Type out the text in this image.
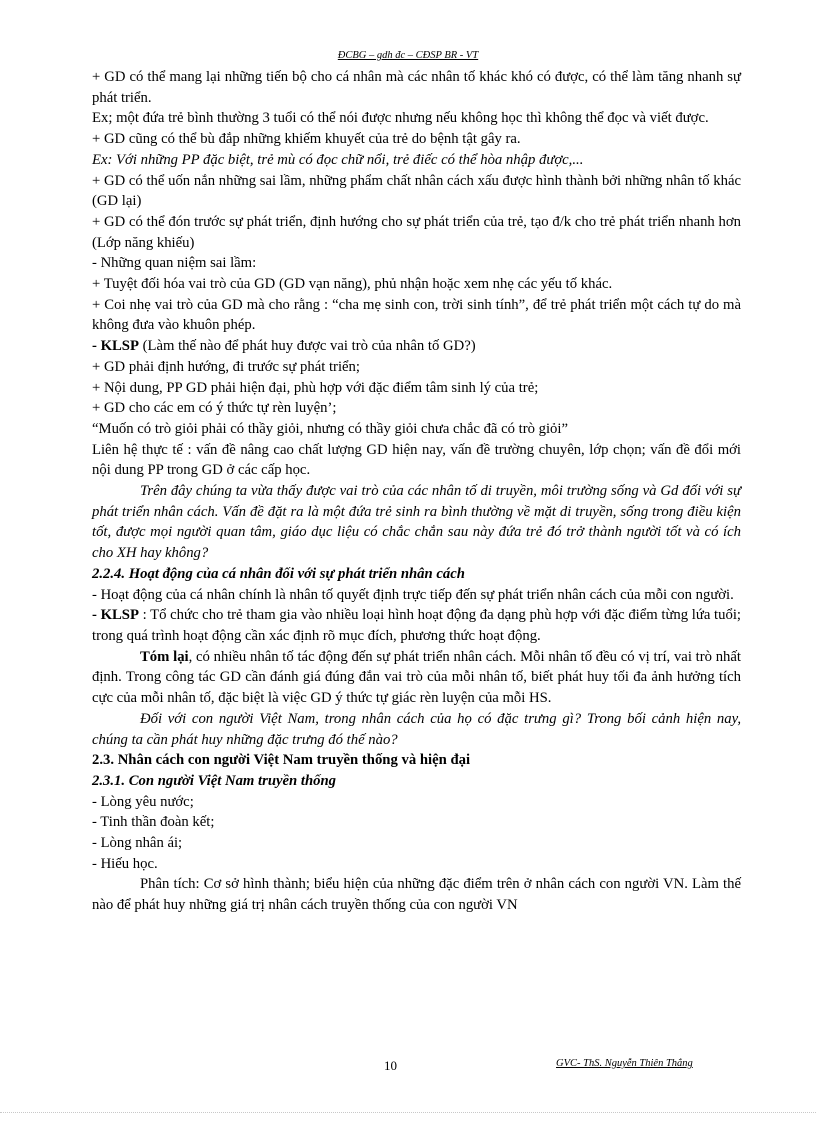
ĐCBG – gdh đc – CĐSP BR - VT

+ GD có thể mang lại những tiến bộ cho cá nhân mà các nhân tố khác khó có được, có thể làm tăng nhanh sự phát triển.

Ex; một đứa trẻ bình thường 3 tuổi có thể nói được nhưng nếu không học thì không thể đọc và viết được.

+ GD cũng có thể bù đắp những khiếm khuyết của trẻ do bệnh tật gây ra.

Ex: Với những PP đặc biệt, trẻ mù có đọc chữ nổi, trẻ điếc có thể hòa nhập được,...

+ GD có thể uốn nắn những sai lầm, những phẩm chất nhân cách xấu được hình thành bởi những nhân tố khác (GD lại)

+ GD có thể đón trước sự phát triển, định hướng cho sự phát triển của trẻ, tạo đ/k cho trẻ phát triển nhanh hơn (Lớp năng khiếu)

- Những quan niệm sai lầm:

+ Tuyệt đối hóa vai trò của GD (GD vạn năng), phủ nhận hoặc xem nhẹ các yếu tố khác.

+ Coi nhẹ vai trò của GD mà cho rằng : “cha mẹ sinh con, trời sinh tính”, để trẻ phát triển một cách tự do mà không đưa vào khuôn phép.

- KLSP (Làm thế nào để phát huy được vai trò của nhân tố GD?)

+ GD phải định hướng, đi trước sự phát triển;

+ Nội dung, PP GD phải hiện đại, phù hợp với đặc điểm tâm sinh lý của trẻ;

+ GD cho các em có ý thức tự rèn luyện’;

“Muốn có trò giỏi phải có thầy giỏi, nhưng có thầy giỏi chưa chắc đã có trò giỏi”

Liên hệ thực tế : vấn đề nâng cao chất lượng GD hiện nay, vấn đề trường chuyên, lớp chọn; vấn đề đổi mới nội dung PP trong GD ở các cấp học.

Trên đây chúng ta vừa thấy được vai trò của các nhân tố di truyền, môi trường sống và Gd đối với sự phát triển nhân cách. Vấn đề đặt ra là một đứa trẻ sinh ra bình thường về mặt di truyền, sống trong điều kiện tốt, được mọi người quan tâm, giáo dục liệu có chắc chắn sau này đứa trẻ đó trở thành người tốt và có ích cho XH hay không?

2.2.4. Hoạt động của cá nhân đối với sự phát triển nhân cách

- Hoạt động của cá nhân chính là nhân tố quyết định trực tiếp đến sự phát triển nhân cách của mỗi con người.

- KLSP : Tổ chức cho trẻ tham gia vào nhiều loại hình hoạt động đa dạng phù hợp với đặc điểm từng lứa tuổi; trong quá trình hoạt động cần xác định rõ mục đích, phương thức hoạt động.

Tóm lại, có nhiều nhân tố tác động đến sự phát triển nhân cách. Mỗi nhân tố đều có vị trí, vai trò nhất định. Trong công tác GD cần đánh giá đúng đắn vai trò của mỗi nhân tố, biết phát huy tối đa ảnh hưởng tích cực của mỗi nhân tố, đặc biệt là việc GD ý thức tự giác rèn luyện của mỗi HS.

Đối với con người Việt Nam, trong nhân cách của họ có đặc trưng gì? Trong bối cảnh hiện nay, chúng ta cần phát huy những đặc trưng đó thế nào?

2.3. Nhân cách con người Việt Nam truyền thống và hiện đại

2.3.1. Con người Việt Nam truyền thống

- Lòng yêu nước;

- Tinh thần đoàn kết;

- Lòng nhân ái;

- Hiếu học.

Phân tích: Cơ sở hình thành; biểu hiện của những đặc điểm trên ở nhân cách con người VN. Làm thế nào để phát huy những giá trị nhân cách truyền thống của con người VN

10	GVC- ThS. Nguyễn Thiên Thắng
